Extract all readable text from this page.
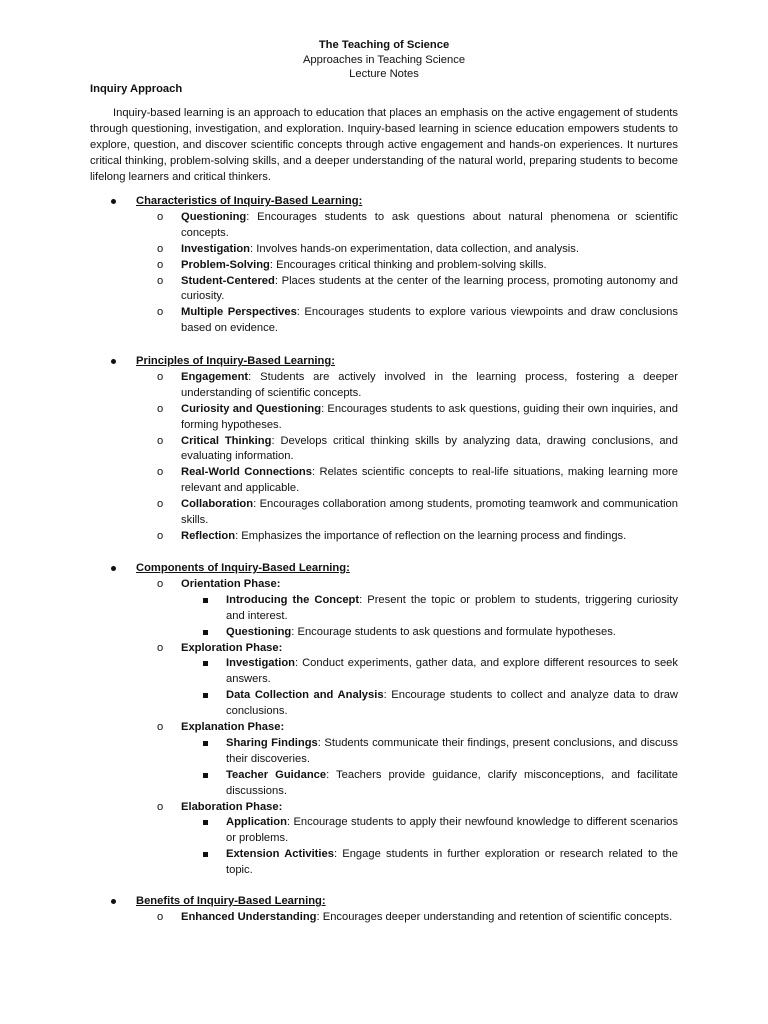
The Teaching of Science
Approaches in Teaching Science
Lecture Notes
Inquiry Approach

Inquiry-based learning is an approach to education that places an emphasis on the active engagement of students through questioning, investigation, and exploration. Inquiry-based learning in science education empowers students to explore, question, and discover scientific concepts through active engagement and hands-on experiences. It nurtures critical thinking, problem-solving skills, and a deeper understanding of the natural world, preparing students to become lifelong learners and critical thinkers.

Characteristics of Inquiry-Based Learning:
o Questioning: Encourages students to ask questions about natural phenomena or scientific concepts.
o Investigation: Involves hands-on experimentation, data collection, and analysis.
o Problem-Solving: Encourages critical thinking and problem-solving skills.
o Student-Centered: Places students at the center of the learning process, promoting autonomy and curiosity.
o Multiple Perspectives: Encourages students to explore various viewpoints and draw conclusions based on evidence.
Principles of Inquiry-Based Learning:
o Engagement: Students are actively involved in the learning process, fostering a deeper understanding of scientific concepts.
o Curiosity and Questioning: Encourages students to ask questions, guiding their own inquiries, and forming hypotheses.
o Critical Thinking: Develops critical thinking skills by analyzing data, drawing conclusions, and evaluating information.
o Real-World Connections: Relates scientific concepts to real-life situations, making learning more relevant and applicable.
o Collaboration: Encourages collaboration among students, promoting teamwork and communication skills.
o Reflection: Emphasizes the importance of reflection on the learning process and findings.
Components of Inquiry-Based Learning:
o Orientation Phase:
Introducing the Concept: Present the topic or problem to students, triggering curiosity and interest.
Questioning: Encourage students to ask questions and formulate hypotheses.
o Exploration Phase:
Investigation: Conduct experiments, gather data, and explore different resources to seek answers.
Data Collection and Analysis: Encourage students to collect and analyze data to draw conclusions.
o Explanation Phase:
Sharing Findings: Students communicate their findings, present conclusions, and discuss their discoveries.
Teacher Guidance: Teachers provide guidance, clarify misconceptions, and facilitate discussions.
o Elaboration Phase:
Application: Encourage students to apply their newfound knowledge to different scenarios or problems.
Extension Activities: Engage students in further exploration or research related to the topic.
Benefits of Inquiry-Based Learning:
o Enhanced Understanding: Encourages deeper understanding and retention of scientific concepts.
